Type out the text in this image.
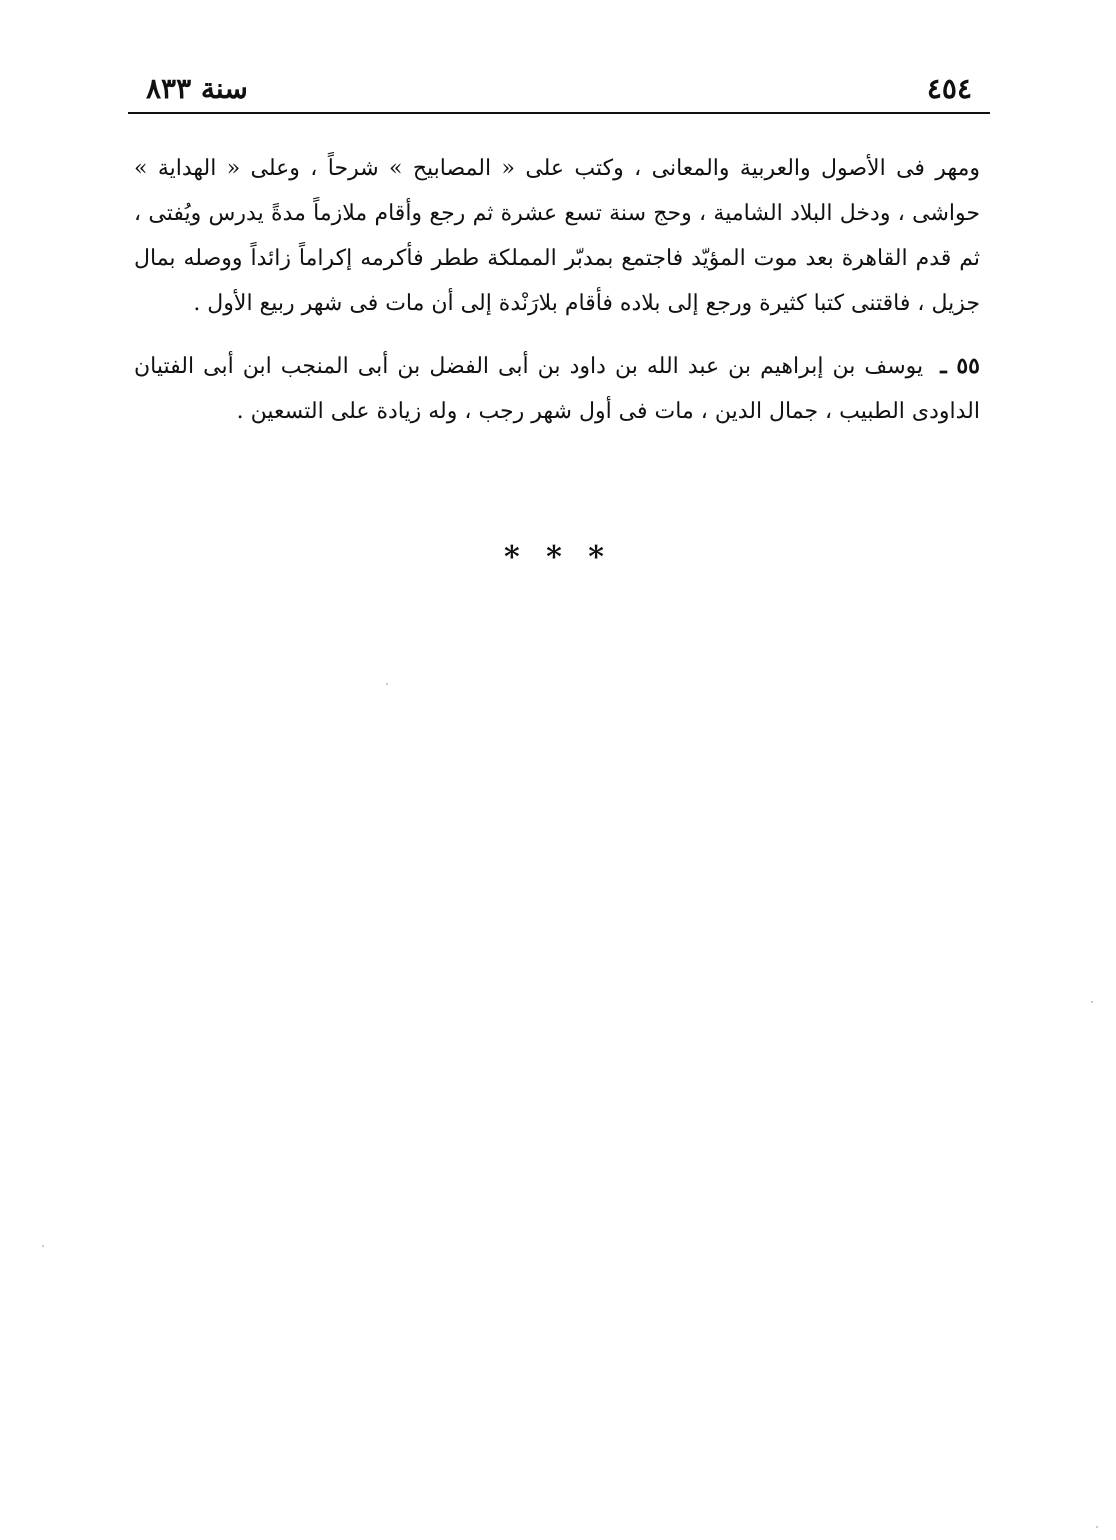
٤٥٤
سنة ٨٣٣

ومهر فى الأصول والعربية والمعانى ، وكتب على « المصابيح » شرحاً ، وعلى « الهداية » حواشى ، ودخل البلاد الشامية ، وحج سنة تسع عشرة ثم رجع وأقام ملازماً مدةً يدرس ويُفتى ، ثم قدم القاهرة بعد موت المؤيّد فاجتمع بمدبّر المملكة ططر فأكرمه إكراماً زائداً ووصله بمال جزيل ، فاقتنى كتبا كثيرة ورجع إلى بلاده فأقام بلارَنْدة إلى أن مات فى شهر ربيع الأول .

٥٥ ـ يوسف بن إبراهيم بن عبد الله بن داود بن أبى الفضل بن أبى المنجب ابن أبى الفتيان الداودى الطبيب ، جمال الدين ، مات فى أول شهر رجب ، وله زيادة على التسعين .

* * *
